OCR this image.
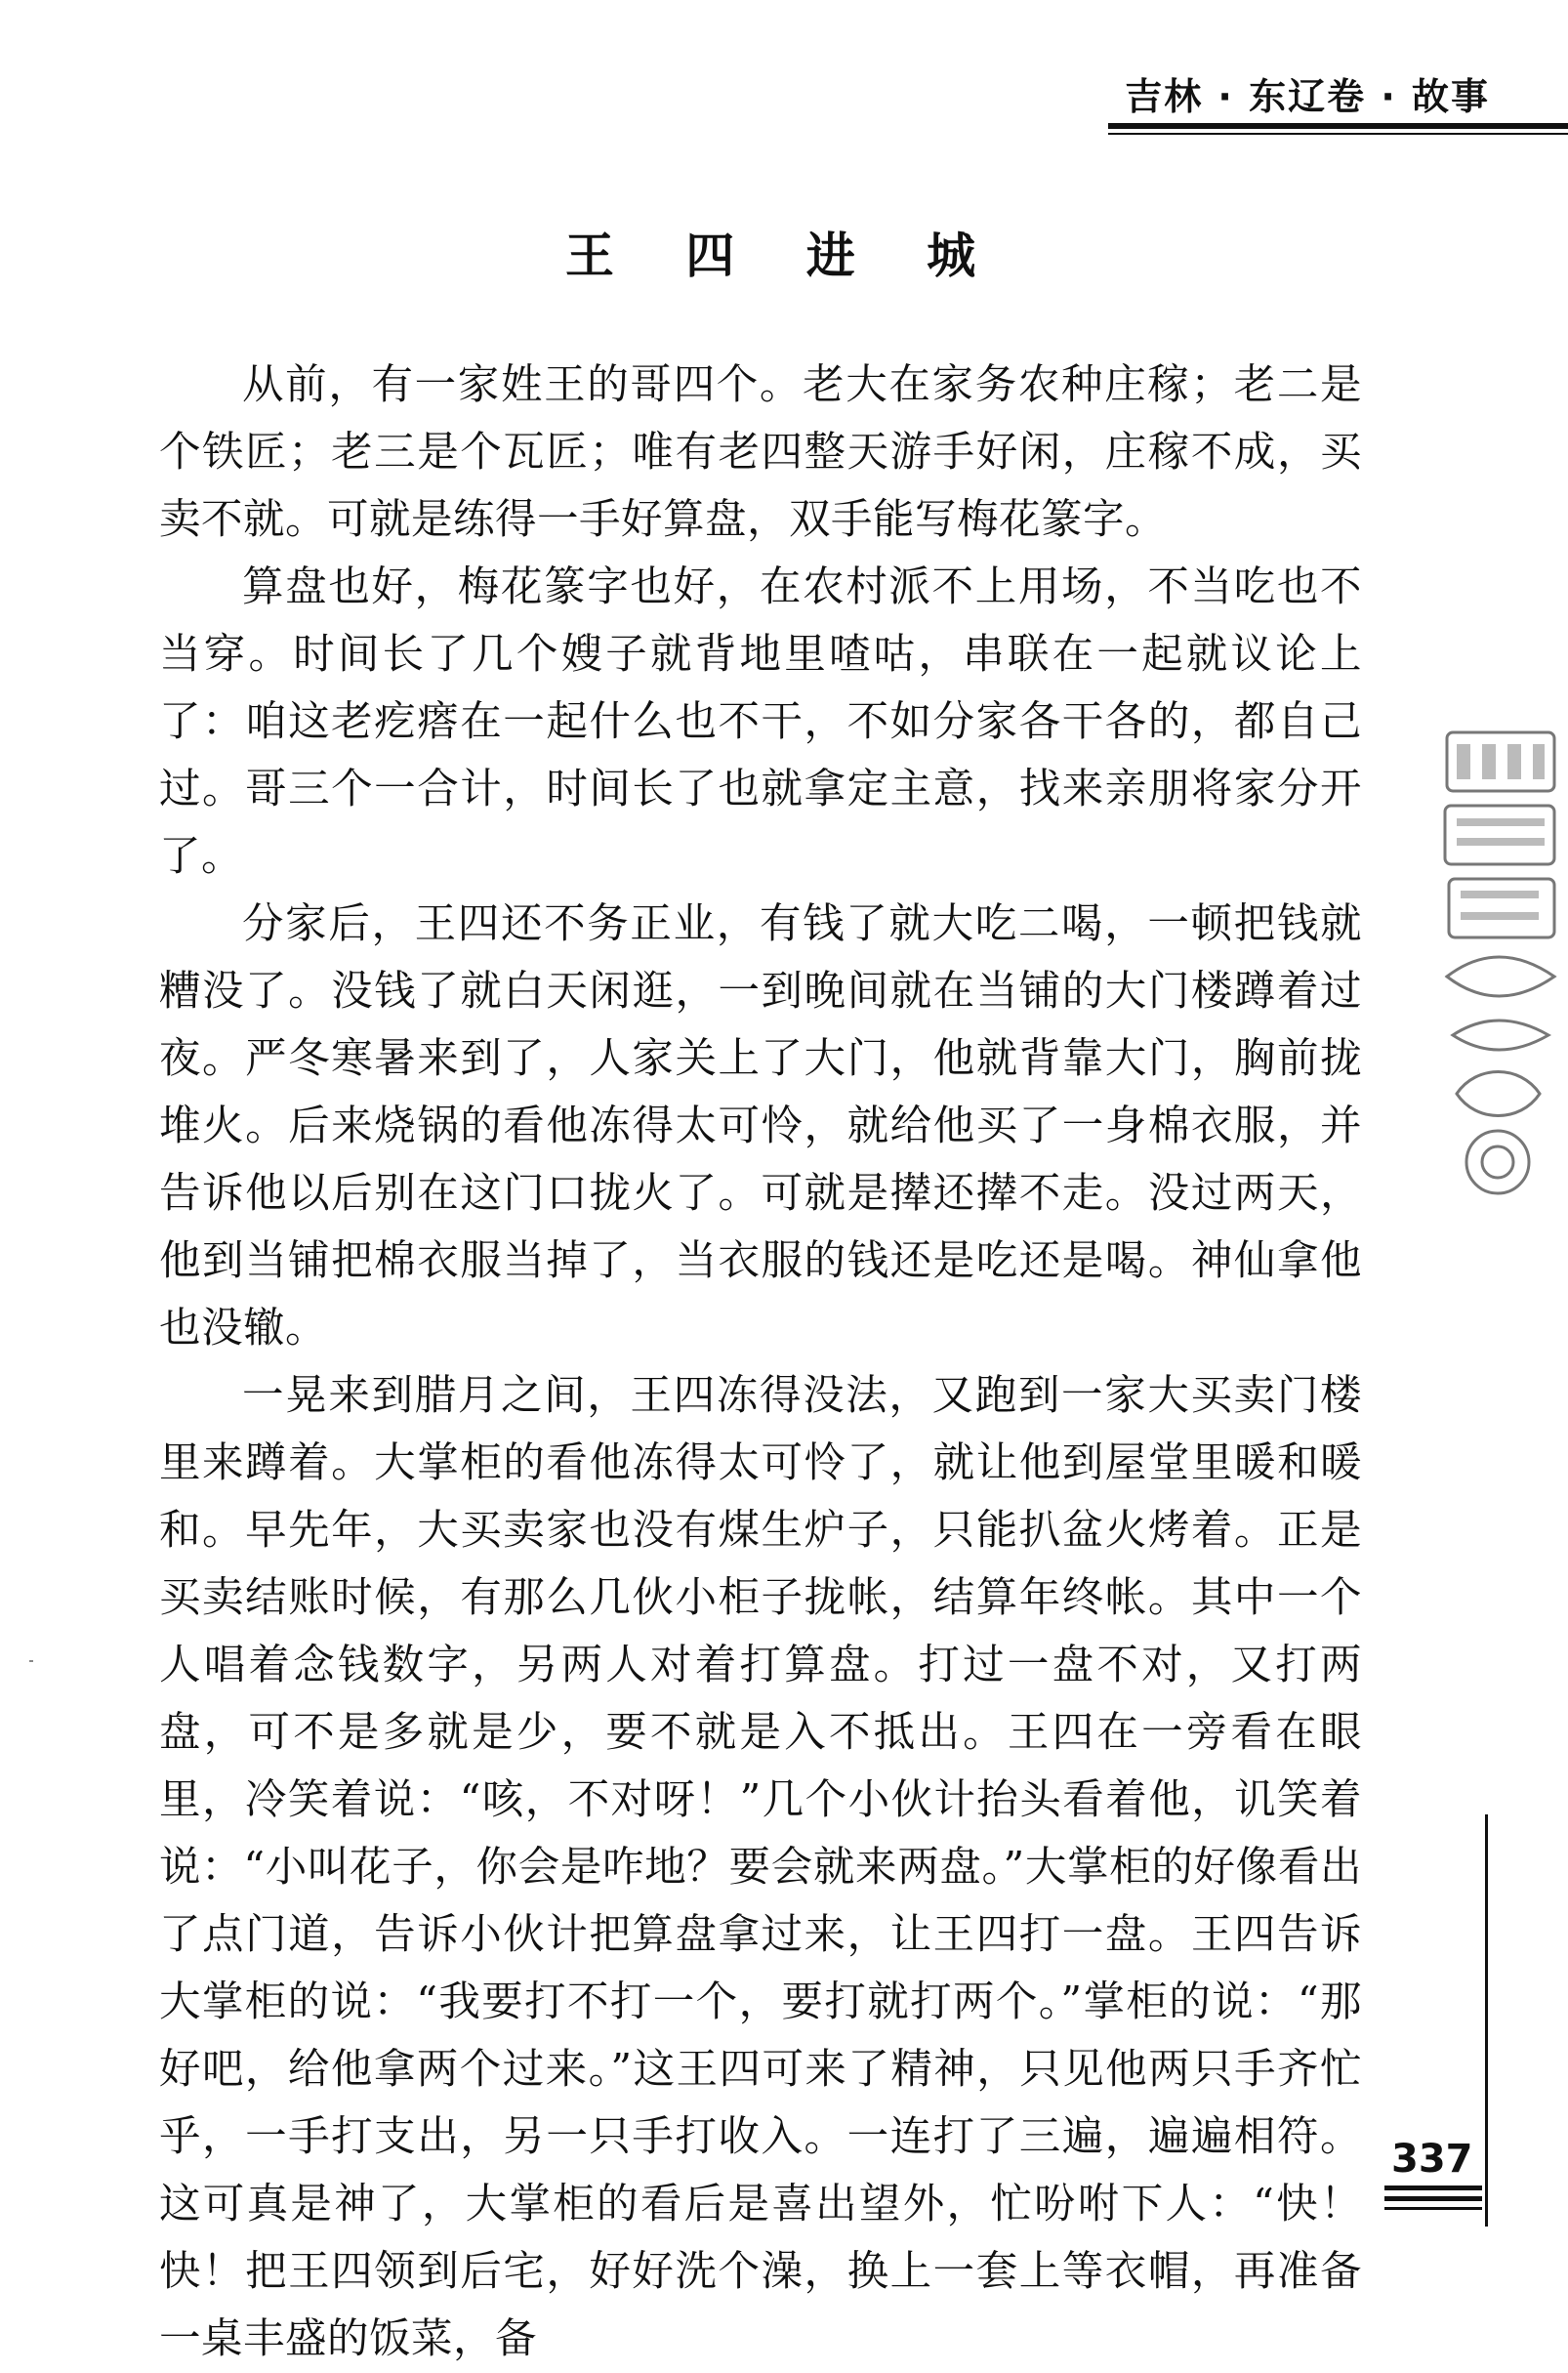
吉林 · 东辽卷 · 故事
王 四 进 城

从前，有一家姓王的哥四个。老大在家务农种庄稼；老二是个铁匠；老三是个瓦匠；唯有老四整天游手好闲，庄稼不成，买卖不就。可就是练得一手好算盘，双手能写梅花篆字。

算盘也好，梅花篆字也好，在农村派不上用场，不当吃也不当穿。时间长了几个嫂子就背地里喳咕，串联在一起就议论上了：咱这老疙瘩在一起什么也不干，不如分家各干各的，都自己过。哥三个一合计，时间长了也就拿定主意，找来亲朋将家分开了。

分家后，王四还不务正业，有钱了就大吃二喝，一顿把钱就糟没了。没钱了就白天闲逛，一到晚间就在当铺的大门楼蹲着过夜。严冬寒暑来到了，人家关上了大门，他就背靠大门，胸前拢堆火。后来烧锅的看他冻得太可怜，就给他买了一身棉衣服，并告诉他以后别在这门口拢火了。可就是撵还撵不走。没过两天，他到当铺把棉衣服当掉了，当衣服的钱还是吃还是喝。神仙拿他也没辙。

一晃来到腊月之间，王四冻得没法，又跑到一家大买卖门楼里来蹲着。大掌柜的看他冻得太可怜了，就让他到屋堂里暖和暖和。早先年，大买卖家也没有煤生炉子，只能扒盆火烤着。正是买卖结账时候，有那么几伙小柜子拢帐，结算年终帐。其中一个人唱着念钱数字，另两人对着打算盘。打过一盘不对，又打两盘，可不是多就是少，要不就是入不抵出。王四在一旁看在眼里，冷笑着说：“咳，不对呀！”几个小伙计抬头看着他，讥笑着说：“小叫花子，你会是咋地？要会就来两盘。”大掌柜的好像看出了点门道，告诉小伙计把算盘拿过来，让王四打一盘。王四告诉大掌柜的说：“我要打不打一个，要打就打两个。”掌柜的说：“那好吧，给他拿两个过来。”这王四可来了精神，只见他两只手齐忙乎，一手打支出，另一只手打收入。一连打了三遍，遍遍相符。这可真是神了，大掌柜的看后是喜出望外，忙吩咐下人：“快！快！把王四领到后宅，好好洗个澡，换上一套上等衣帽，再准备一桌丰盛的饭菜，备

337
